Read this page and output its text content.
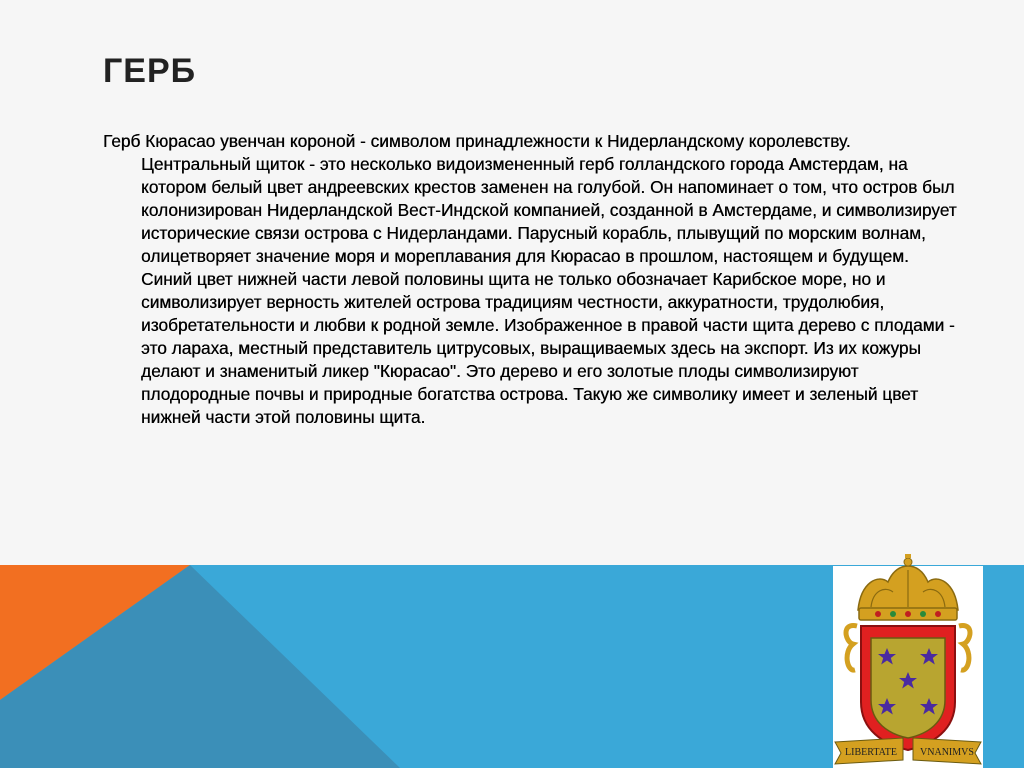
ГЕРБ

Герб Кюрасао увенчан короной - символом принадлежности к Нидерландскому королевству. Центральный щиток - это несколько видоизмененный герб голландского города Амстердам, на котором белый цвет андреевских крестов заменен на голубой. Он напоминает о том, что остров был колонизирован Нидерландской Вест-Индской компанией, созданной в Амстердаме, и символизирует исторические связи острова с Нидерландами. Парусный корабль, плывущий по морским волнам, олицетворяет значение моря и мореплавания для Кюрасао в прошлом, настоящем и будущем. Синий цвет нижней части левой половины щита не только обозначает Карибское море, но и символизирует верность жителей острова традициям честности, аккуратности, трудолюбия, изобретательности и любви к родной земле. Изображенное в правой части щита дерево с плодами - это лараха, местный представитель цитрусовых, выращиваемых здесь на экспорт. Из их кожуры делают и знаменитый ликер "Кюрасао". Это дерево и его золотые плоды символизируют плодородные почвы и природные богатства острова. Такую же символику имеет и зеленый цвет нижней части этой половины щита.

LIBERTATE VNANIMVS
